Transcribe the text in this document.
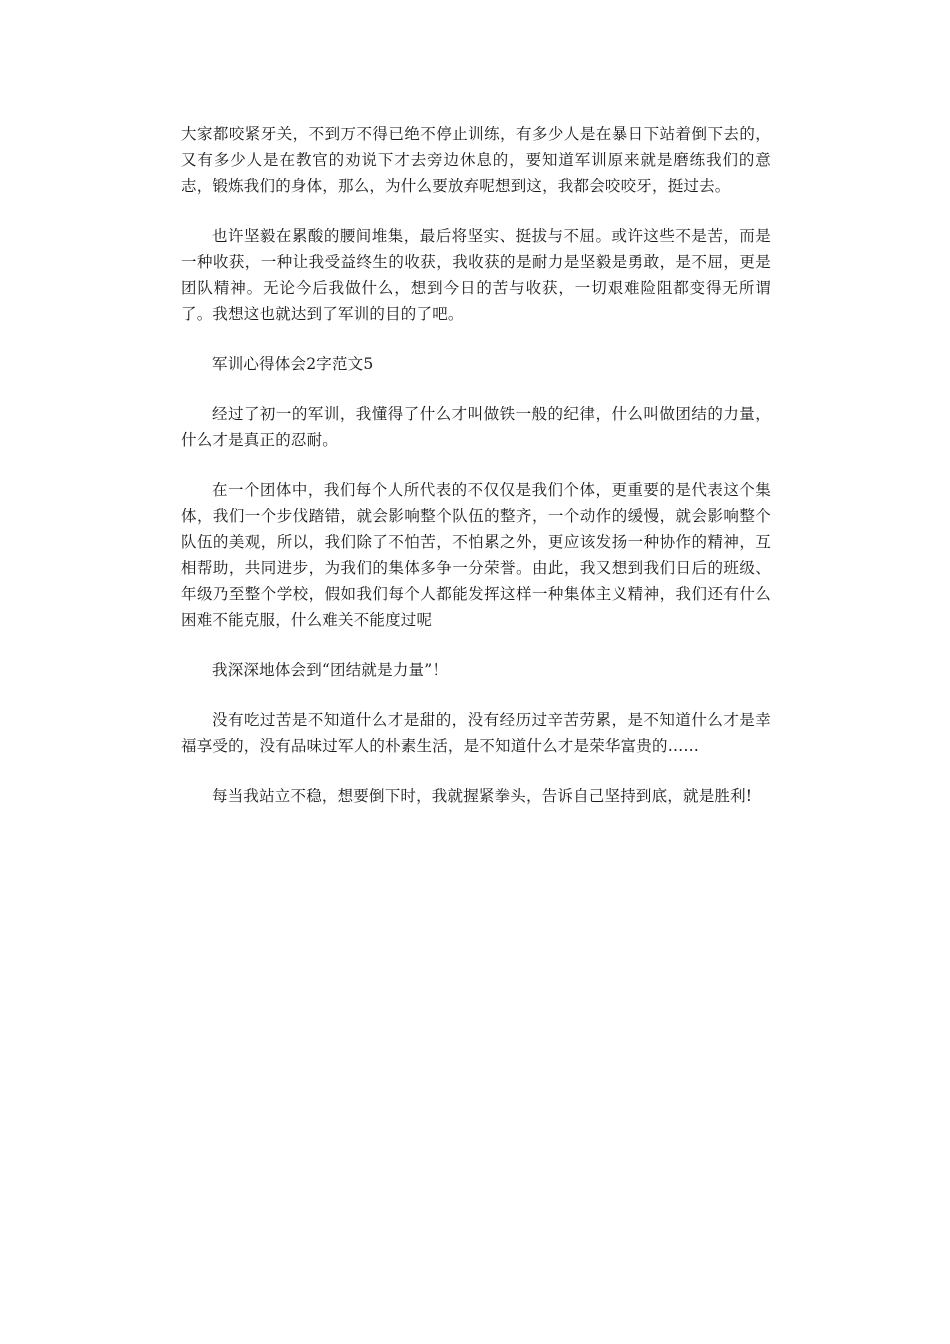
大家都咬紧牙关，不到万不得已绝不停止训练，有多少人是在暴日下站着倒下去的，又有多少人是在教官的劝说下才去旁边休息的，要知道军训原来就是磨练我们的意志，锻炼我们的身体，那么，为什么要放弃呢想到这，我都会咬咬牙，挺过去。

也许坚毅在累酸的腰间堆集，最后将坚实、挺拔与不屈。或许这些不是苦，而是一种收获，一种让我受益终生的收获，我收获的是耐力是坚毅是勇敢，是不屈，更是团队精神。无论今后我做什么，想到今日的苦与收获，一切艰难险阻都变得无所谓了。我想这也就达到了军训的目的了吧。

军训心得体会2字范文5

经过了初一的军训，我懂得了什么才叫做铁一般的纪律，什么叫做团结的力量，什么才是真正的忍耐。

在一个团体中，我们每个人所代表的不仅仅是我们个体，更重要的是代表这个集体，我们一个步伐踏错，就会影响整个队伍的整齐，一个动作的缓慢，就会影响整个队伍的美观，所以，我们除了不怕苦，不怕累之外，更应该发扬一种协作的精神，互相帮助，共同进步，为我们的集体多争一分荣誉。由此，我又想到我们日后的班级、年级乃至整个学校，假如我们每个人都能发挥这样一种集体主义精神，我们还有什么困难不能克服，什么难关不能度过呢

我深深地体会到“团结就是力量”！

没有吃过苦是不知道什么才是甜的，没有经历过辛苦劳累，是不知道什么才是幸福享受的，没有品味过军人的朴素生活，是不知道什么才是荣华富贵的……

每当我站立不稳，想要倒下时，我就握紧拳头，告诉自己坚持到底，就是胜利!
